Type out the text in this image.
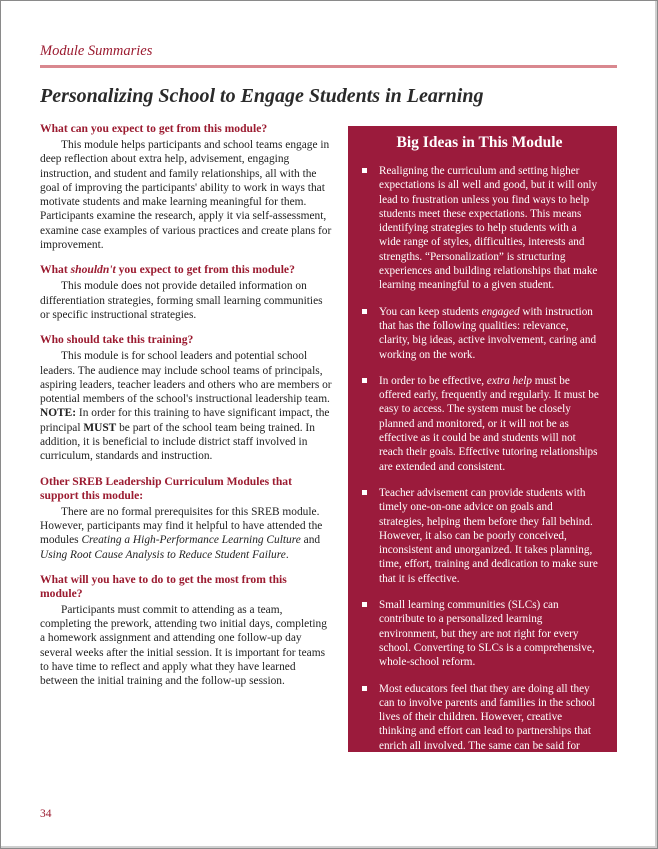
Module Summaries
Personalizing School to Engage Students in Learning
What can you expect to get from this module?

This module helps participants and school teams engage in deep reflection about extra help, advisement, engaging instruction, and student and family relationships, all with the goal of improving the participants' ability to work in ways that motivate students and make learning meaningful for them. Participants examine the research, apply it via self-assessment, examine case examples of various practices and create plans for improvement.

What shouldn't you expect to get from this module?

This module does not provide detailed information on differentiation strategies, forming small learning communities or specific instructional strategies.

Who should take this training?

This module is for school leaders and potential school leaders. The audience may include school teams of principals, aspiring leaders, teacher leaders and others who are members or potential members of the school's instructional leadership team. NOTE: In order for this training to have significant impact, the principal MUST be part of the school team being trained. In addition, it is beneficial to include district staff involved in curriculum, standards and instruction.

Other SREB Leadership Curriculum Modules that support this module:

There are no formal prerequisites for this SREB module. However, participants may find it helpful to have attended the modules Creating a High-Performance Learning Culture and Using Root Cause Analysis to Reduce Student Failure.

What will you have to do to get the most from this module?

Participants must commit to attending as a team, completing the prework, attending two initial days, completing a homework assignment and attending one follow-up day several weeks after the initial session. It is important for teams to have time to reflect and apply what they have learned between the initial training and the follow-up session.

Big Ideas in This Module
Realigning the curriculum and setting higher expectations is all well and good, but it will only lead to frustration unless you find ways to help students meet these expectations. This means identifying strategies to help students with a wide range of styles, difficulties, interests and strengths. “Personalization” is structuring experiences and building relationships that make learning meaningful to a given student.
You can keep students engaged with instruction that has the following qualities: relevance, clarity, big ideas, active involvement, caring and working on the work.
In order to be effective, extra help must be offered early, frequently and regularly. It must be easy to access. The system must be closely planned and monitored, or it will not be as effective as it could be and students will not reach their goals. Effective tutoring relationships are extended and consistent.
Teacher advisement can provide students with timely one-on-one advice on goals and strategies, helping them before they fall behind. However, it also can be poorly conceived, inconsistent and unorganized. It takes planning, time, effort, training and dedication to make sure that it is effective.
Small learning communities (SLCs) can contribute to a personalized learning environment, but they are not right for every school. Converting to SLCs is a comprehensive, whole-school reform.
Most educators feel that they are doing all they can to involve parents and families in the school lives of their children. However, creative thinking and effort can lead to partnerships that enrich all involved. The same can be said for relevant instruction.
34
